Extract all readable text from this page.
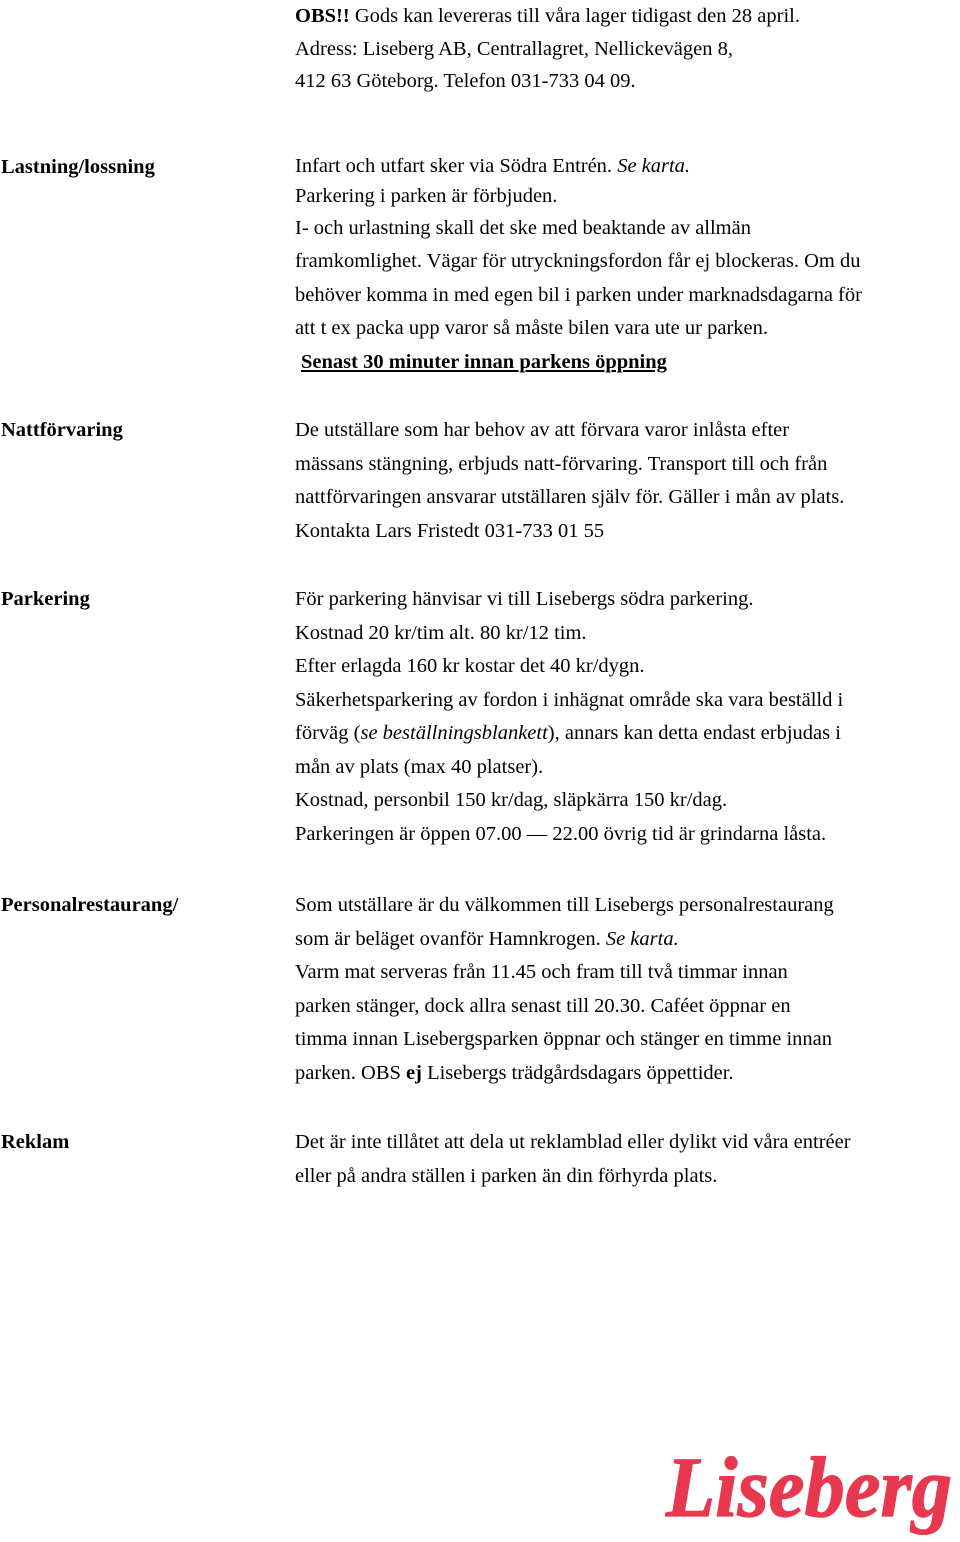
OBS!! Gods kan levereras till våra lager tidigast den 28 april.
Adress: Liseberg AB, Centrallagret, Nellickevägen 8,
412 63 Göteborg. Telefon 031-733 04 09.
Lastning/lossning	Infart och utfart sker via Södra Entrén. Se karta.
Parkering i parken är förbjuden.
I- och urlastning skall det ske med beaktande av allmän
framkomlighet. Vägar för utryckningsfordon får ej blockeras. Om du
behöver komma in med egen bil i parken under marknadsdagarna för
att t ex packa upp varor så måste bilen vara ute ur parken.
Senast 30 minuter innan parkens öppning
Nattförvaring	De utställare som har behov av att förvara varor inlåsta efter
mässans stängning, erbjuds natt-förvaring. Transport till och från
nattförvaringen ansvarar utställaren själv för. Gäller i mån av plats.
Kontakta Lars Fristedt 031-733 01 55
Parkering	För parkering hänvisar vi till Lisebergs södra parkering.
Kostnad 20 kr/tim alt. 80 kr/12 tim.
Efter erlagda 160 kr kostar det 40 kr/dygn.
Säkerhetsparkering av fordon i inhägnat område ska vara beställd i
förväg (se beställningsblankett), annars kan detta endast erbjudas i
mån av plats (max 40 platser).
Kostnad, personbil 150 kr/dag, släpkärra 150 kr/dag.
Parkeringen är öppen 07.00 — 22.00 övrig tid är grindarna låsta.
Personalrestaurang/	Som utställare är du välkommen till Lisebergs personalrestaurang
som är beläget ovanför Hamnkrogen. Se karta.
Varm mat serveras från 11.45 och fram till två timmar innan
parken stänger, dock allra senast till 20.30. Caféet öppnar en
timma innan Lisebergsparken öppnar och stänger en timme innan
parken. OBS ej Lisebergs trädgårdsdagars öppettider.
Reklam	Det är inte tillåtet att dela ut reklamblad eller dylikt vid våra entréer
eller på andra ställen i parken än din förhyrda plats.
Liseberg
